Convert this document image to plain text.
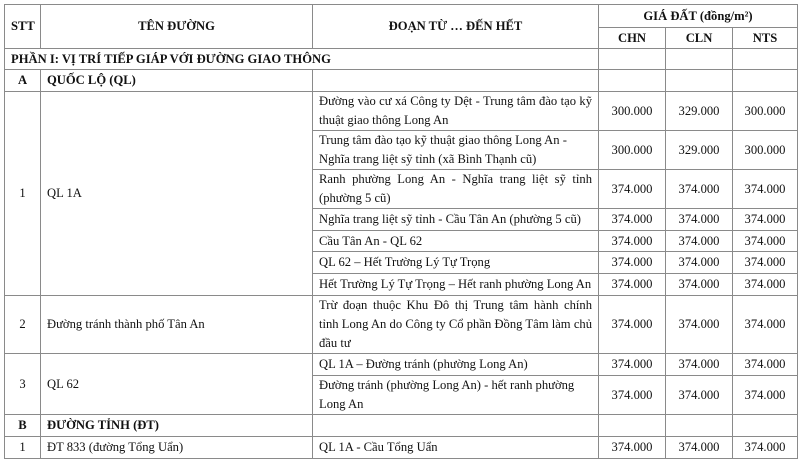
STT	TÊN ĐƯỜNG	ĐOẠN TỪ … ĐẾN HẾT	GIÁ ĐẤT (đồng/m²)		
			CHN	CLN	NTS
PHẦN I: VỊ TRÍ TIẾP GIÁP VỚI ĐƯỜNG GIAO THÔNG					
A	QUỐC LỘ (QL)				
1	QL 1A	Đường vào cư xá Công ty Dệt - Trung tâm đào tạo kỹ thuật giao thông Long An	300.000	329.000	300.000
		Trung tâm đào tạo kỹ thuật giao thông Long An - Nghĩa trang liệt sỹ tỉnh (xã Bình Thạnh cũ)	300.000	329.000	300.000
		Ranh phường Long An - Nghĩa trang liệt sỹ tỉnh (phường 5 cũ)	374.000	374.000	374.000
		Nghĩa trang liệt sỹ tỉnh - Cầu Tân An (phường 5 cũ)	374.000	374.000	374.000
		Cầu Tân An - QL 62	374.000	374.000	374.000
		QL 62 – Hết Trường Lý Tự Trọng	374.000	374.000	374.000
		Hết Trường Lý Tự Trọng – Hết ranh phường Long An	374.000	374.000	374.000
2	Đường tránh thành phố Tân An	Trừ đoạn thuộc Khu Đô thị Trung tâm hành chính tỉnh Long An do Công ty Cổ phần Đồng Tâm làm chủ đầu tư	374.000	374.000	374.000
3	QL 62	QL 1A – Đường tránh (phường Long An)	374.000	374.000	374.000
		Đường tránh (phường Long An) - hết ranh phường Long An	374.000	374.000	374.000
B	ĐƯỜNG TỈNH (ĐT)				
1	ĐT 833 (đường Tổng Uẩn)	QL 1A - Cầu Tổng Uẩn	374.000	374.000	374.000
